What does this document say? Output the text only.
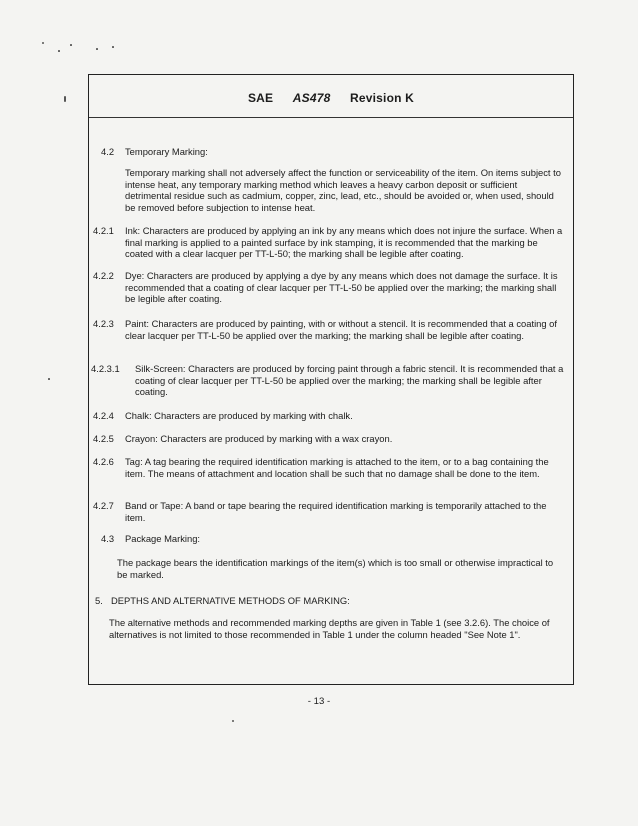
SAE AS478 Revision K
4.2 Temporary Marking:
Temporary marking shall not adversely affect the function or serviceability of the item. On items subject to intense heat, any temporary marking method which leaves a heavy carbon deposit or sufficient detrimental residue such as cadmium, copper, zinc, lead, etc., should be avoided or, when used, should be removed before subjection to intense heat.
4.2.1 Ink: Characters are produced by applying an ink by any means which does not injure the surface. When a final marking is applied to a painted surface by ink stamping, it is recommended that the marking be coated with a clear lacquer per TT-L-50; the marking shall be legible after coating.
4.2.2 Dye: Characters are produced by applying a dye by any means which does not damage the surface. It is recommended that a coating of clear lacquer per TT-L-50 be applied over the marking; the marking shall be legible after coating.
4.2.3 Paint: Characters are produced by painting, with or without a stencil. It is recommended that a coating of clear lacquer per TT-L-50 be applied over the marking; the marking shall be legible after coating.
4.2.3.1 Silk-Screen: Characters are produced by forcing paint through a fabric stencil. It is recommended that a coating of clear lacquer per TT-L-50 be applied over the marking; the marking shall be legible after coating.
4.2.4 Chalk: Characters are produced by marking with chalk.
4.2.5 Crayon: Characters are produced by marking with a wax crayon.
4.2.6 Tag: A tag bearing the required identification marking is attached to the item, or to a bag containing the item. The means of attachment and location shall be such that no damage shall be done to the item.
4.2.7 Band or Tape: A band or tape bearing the required identification marking is temporarily attached to the item.
4.3 Package Marking:
The package bears the identification markings of the item(s) which is too small or otherwise impractical to be marked.
5. DEPTHS AND ALTERNATIVE METHODS OF MARKING:
The alternative methods and recommended marking depths are given in Table 1 (see 3.2.6). The choice of alternatives is not limited to those recommended in Table 1 under the column headed "See Note 1".
- 13 -
